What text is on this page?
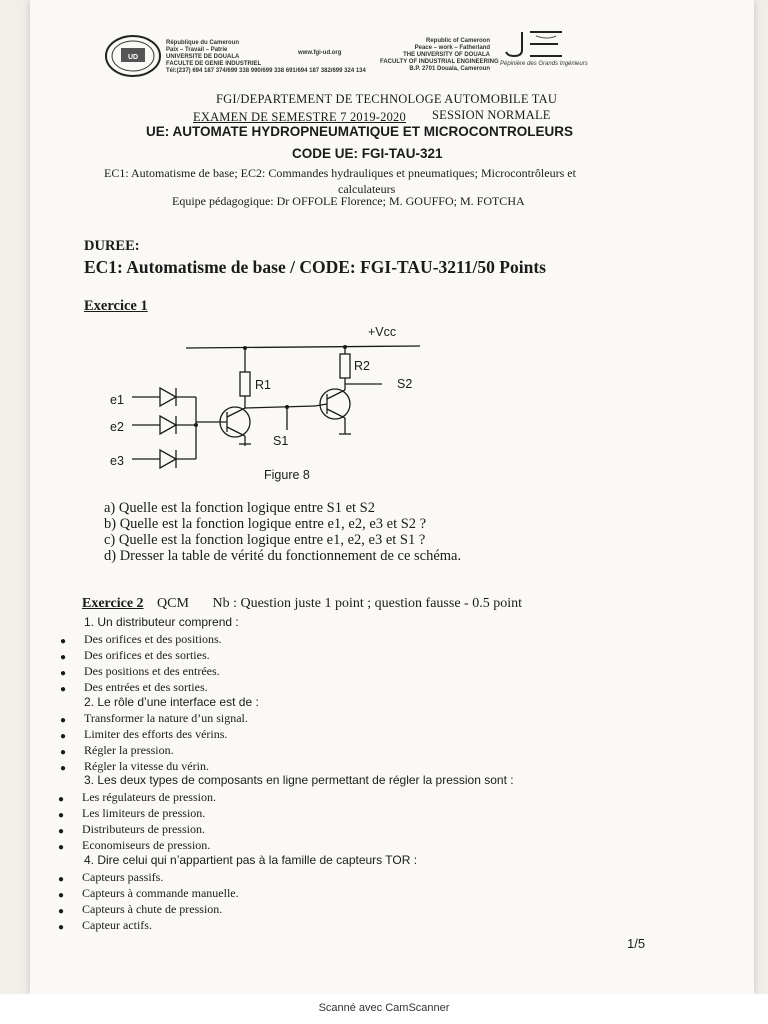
UD
République du Cameroun
Paix – Travail – Patrie
UNIVERSITE DE DOUALA
FACULTE DE GENIE INDUSTRIEL
Tél:(237) 694 187 374/699 338 990/699 338 691/694 187 382/699 324 134
www.fgi-ud.org
Republic of Cameroon
Peace – work – Fatherland
THE UNIVERSITY OF DOUALA
FACULTY OF INDUSTRIAL ENGINEERING
B.P. 2701 Douala, Cameroun
Pépinière des Grands Ingénieurs
FGI/DEPARTEMENT DE TECHNOLOGE AUTOMOBILE TAU
EXAMEN DE SEMESTRE 7 2019-2020 SESSION NORMALE
UE: AUTOMATE HYDROPNEUMATIQUE ET MICROCONTROLEURS
CODE UE: FGI-TAU-321
EC1: Automatisme de base; EC2: Commandes hydrauliques et pneumatiques; Microcontrôleurs et
calculateurs
Equipe pédagogique: Dr OFFOLE Florence; M. GOUFFO; M. FOTCHA
DUREE:
EC1: Automatisme de base / CODE: FGI-TAU-3211/50 Points
Exercice 1
+Vcc
R1
R2
S2
S1
e1
e2
e3
Figure 8
a) Quelle est la fonction logique entre S1 et S2
b) Quelle est la fonction logique entre e1, e2, e3 et S2 ?
c) Quelle est la fonction logique entre e1, e2, e3 et S1 ?
d) Dresser la table de vérité du fonctionnement de ce schéma.
Exercice 2 QCM Nb : Question juste 1 point ; question fausse - 0.5 point
1. Un distributeur comprend :
Des orifices et des positions.
Des orifices et des sorties.
Des positions et des entrées.
Des entrées et des sorties.
2. Le rôle d’une interface est de :
Transformer la nature d’un signal.
Limiter des efforts des vérins.
Régler la pression.
Régler la vitesse du vérin.
3. Les deux types de composants en ligne permettant de régler la pression sont :
Les régulateurs de pression.
Les limiteurs de pression.
Distributeurs de pression.
Economiseurs de pression.
4. Dire celui qui n’appartient pas à la famille de capteurs TOR :
Capteurs passifs.
Capteurs à commande manuelle.
Capteurs à chute de pression.
Capteur actifs.
●
●
●
●
●
●
●
●
●
●
●
●
●
●
●
●
1/5
Scanné avec CamScanner
